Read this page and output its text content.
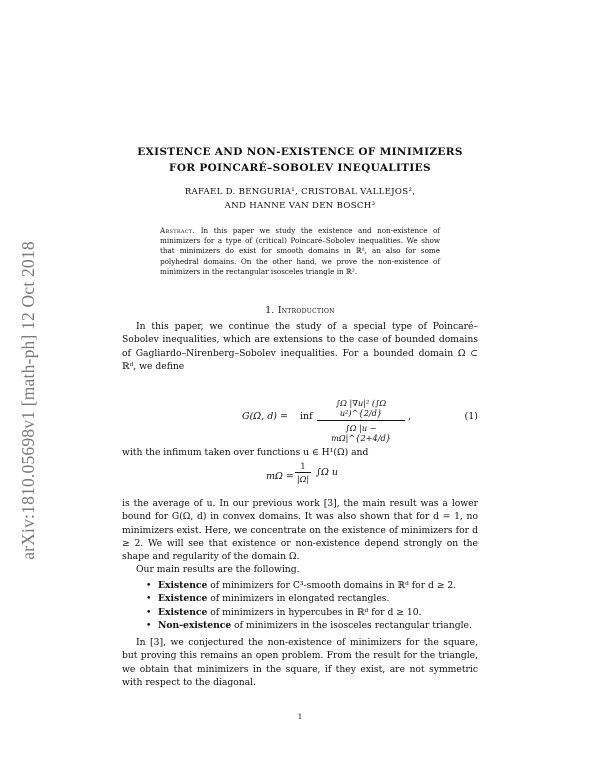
arXiv:1810.05698v1 [math-ph] 12 Oct 2018
EXISTENCE AND NON-EXISTENCE OF MINIMIZERS
FOR POINCARÉ–SOBOLEV INEQUALITIES
RAFAEL D. BENGURIA¹, CRISTOBAL VALLEJOS²,
AND HANNE VAN DEN BOSCH³
Abstract. In this paper we study the existence and non-existence of minimizers for a type of (critical) Poincaré–Sobolev inequalities. We show that minimizers do exist for smooth domains in ℝᵈ, an also for some polyhedral domains. On the other hand, we prove the non-existence of minimizers in the rectangular isosceles triangle in ℝ².
1. Introduction
In this paper, we continue the study of a special type of Poincaré–Sobolev inequalities, which are extensions to the case of bounded domains of Gagliardo–Nirenberg–Sobolev inequalities. For a bounded domain Ω ⊂ ℝᵈ, we define
G(Ω, d) = inf $\frac{\text{∫Ω |∇u|² (∫Ω u²)\textasciicircum{}\{2/d\}}}{\int\Omega |u - m\Omega|\^{}\{2+4/d\}}$ ,	(1)
with the infimum taken over functions u ∈ H¹(Ω) and
$m\Omega = \frac{1}{|\Omega|} \int\Omega$ u
is the average of u. In our previous work [3], the main result was a lower bound for G(Ω, d) in convex domains. It was also shown that for d = 1, no minimizers exist. Here, we concentrate on the existence of minimizers for d ≥ 2. We will see that existence or non-existence depend strongly on the shape and regularity of the domain Ω.
Our main results are the following.
• Existence of minimizers for C³-smooth domains in ℝᵈ for d ≥ 2.
• Existence of minimizers in elongated rectangles.
• Existence of minimizers in hypercubes in ℝᵈ for d ≥ 10.
• Non-existence of minimizers in the isosceles rectangular triangle.
In [3], we conjectured the non-existence of minimizers for the square, but proving this remains an open problem. From the result for the triangle, we obtain that minimizers in the square, if they exist, are not symmetric with respect to the diagonal.
1
